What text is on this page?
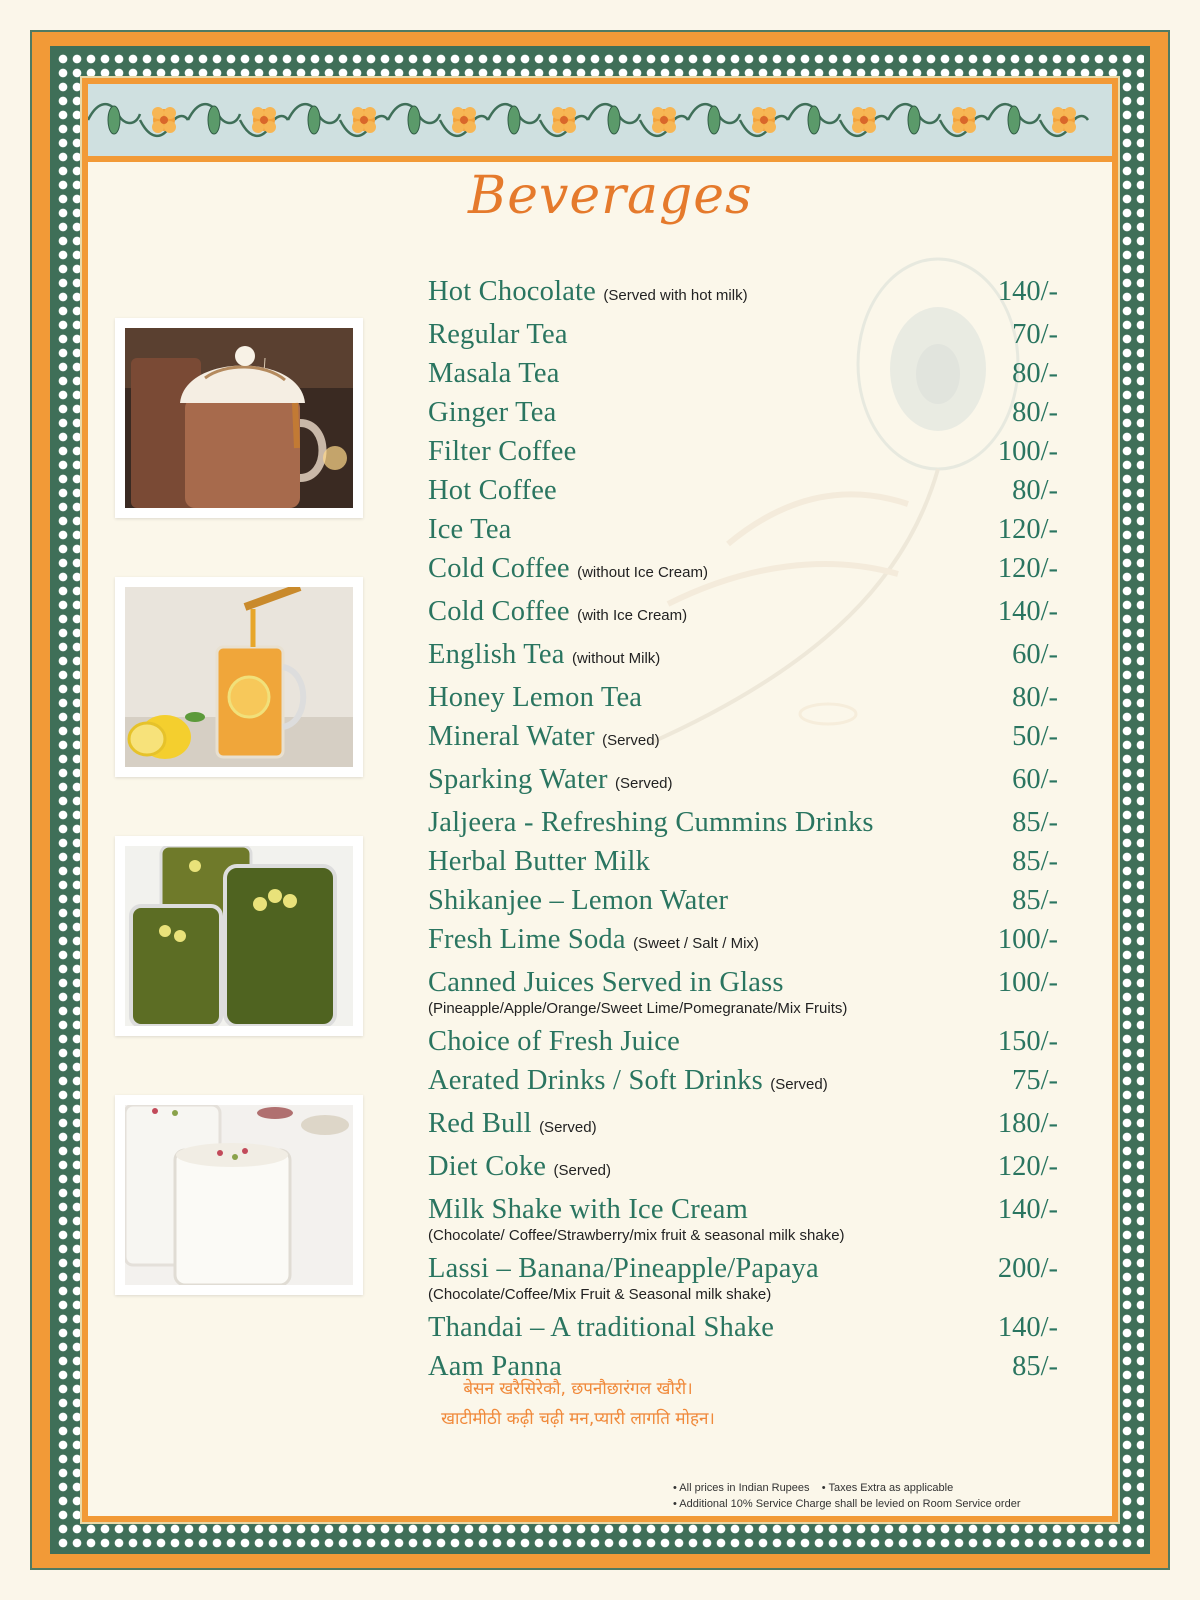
Beverages
Hot Chocolate (Served with hot milk)	140/-
Regular Tea	70/-
Masala Tea	80/-
Ginger Tea	80/-
Filter Coffee	100/-
Hot Coffee	80/-
Ice Tea	120/-
Cold Coffee (without Ice Cream)	120/-
Cold Coffee (with Ice Cream)	140/-
English Tea (without Milk)	60/-
Honey Lemon Tea	80/-
Mineral Water (Served)	50/-
Sparking Water (Served)	60/-
Jaljeera - Refreshing Cummins Drinks	85/-
Herbal Butter Milk	85/-
Shikanjee – Lemon Water	85/-
Fresh Lime Soda (Sweet / Salt / Mix)	100/-
Canned Juices Served in Glass	100/-
(Pineapple/Apple/Orange/Sweet Lime/Pomegranate/Mix Fruits)
Choice of Fresh Juice	150/-
Aerated Drinks / Soft Drinks (Served)	75/-
Red Bull (Served)	180/-
Diet Coke (Served)	120/-
Milk Shake with Ice Cream	140/-
(Chocolate/ Coffee/Strawberry/mix fruit & seasonal milk shake)
Lassi – Banana/Pineapple/Papaya	200/-
(Chocolate/Coffee/Mix Fruit & Seasonal milk shake)
Thandai – A traditional Shake	140/-
Aam Panna	85/-
बेसन खरैसिरेकौ, छपनौछारंगल खौरी।
खाटीमीठी कढ़ी चढ़ी मन,प्यारी लागति मोहन।
• All prices in Indian Rupees • Taxes Extra as applicable
• Additional 10% Service Charge shall be levied on Room Service order
